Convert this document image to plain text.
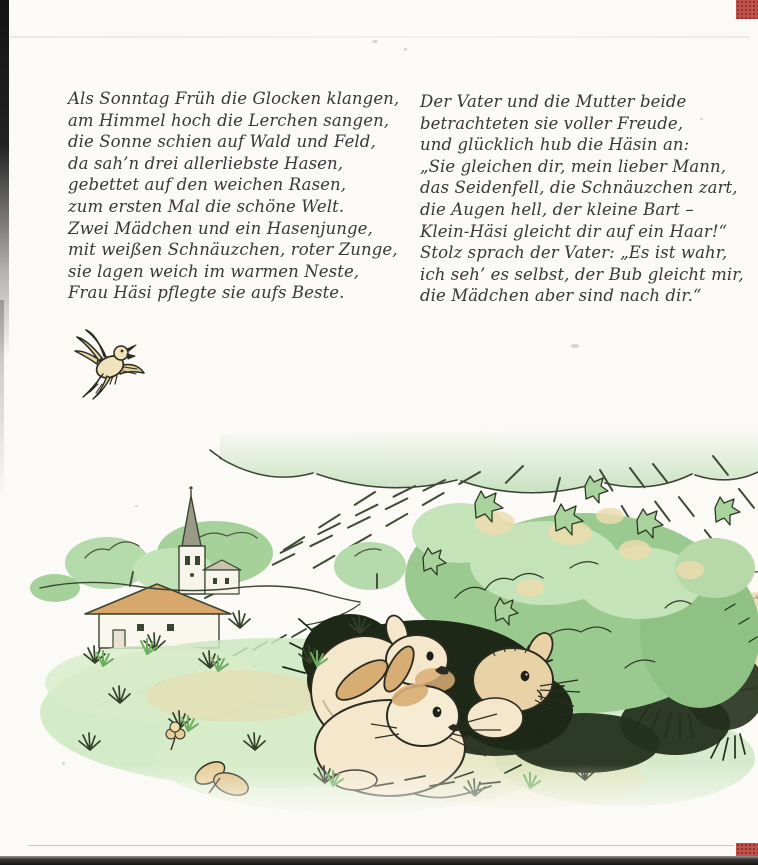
Als Sonntag Früh die Glocken klangen,
am Himmel hoch die Lerchen sangen,
die Sonne schien auf Wald und Feld,
da sah’n drei allerliebste Hasen,
gebettet auf den weichen Rasen,
zum ersten Mal die schöne Welt.
Zwei Mädchen und ein Hasenjunge,
mit weißen Schnäuzchen, roter Zunge,
sie lagen weich im warmen Neste,
Frau Häsi pflegte sie aufs Beste.
Der Vater und die Mutter beide
betrachteten sie voller Freude,
und glücklich hub die Häsin an:
„Sie gleichen dir, mein lieber Mann,
das Seidenfell, die Schnäuzchen zart,
die Augen hell, der kleine Bart –
Klein-Häsi gleicht dir auf ein Haar!“
Stolz sprach der Vater: „Es ist wahr,
ich seh’ es selbst, der Bub gleicht mir,
die Mädchen aber sind nach dir.“
